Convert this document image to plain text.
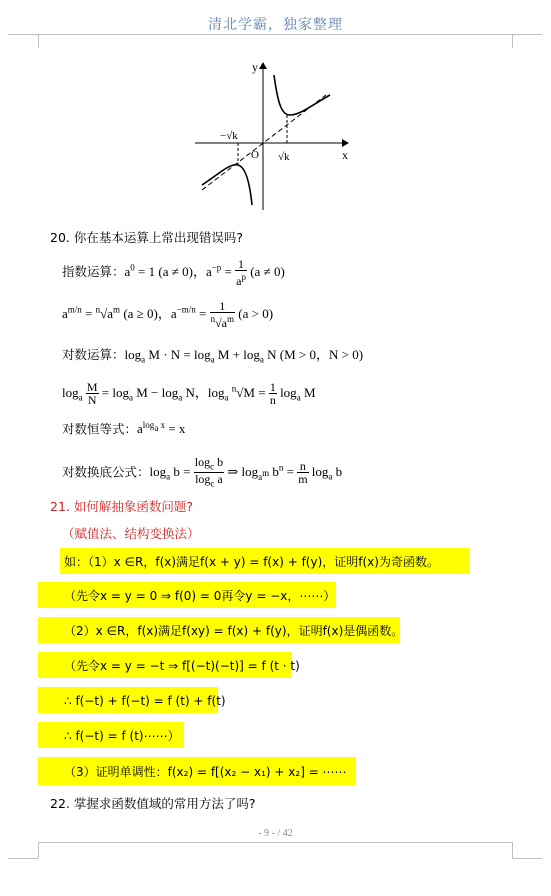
清北学霸，独家整理
y
x
O
−√k
√k
20. 你在基本运算上常出现错误吗?
指数运算：$a^0 = 1$ (a ≠ 0)，$a^{-p} = \frac{1}{a^p} (a \ne 0)$
$a^{m/n} = ^n√a^m$ (a ≥ 0)，$a^{-m/n} = \frac{1}{^n√a^m} (a > 0)$
对数运算：$\log_a M \cdot N = \log_a M + \log_a N$ (M > 0，N > 0)
$\log_a \frac{M}{N} = \log_a M - \log_a N$，$\log_a ^n√M = \frac{1}{n} \log_a M$
对数恒等式：$a^{log_a x} = x$
对数换底公式：$\log_a b = \frac{\log_c b}{\log_c a}$ ⇒ $\log_{a^m} b^n = \frac{n}{m} \log_a b$
21. 如何解抽象函数问题?
（赋值法、结构变换法）
如：（1）x ∈R，f(x)满足f(x + y) = f(x) + f(y)，证明f(x)为奇函数。
（先令x = y = 0 ⇒ f(0) = 0再令y = −x，⋯⋯）
（2）x ∈R，f(x)满足f(xy) = f(x) + f(y)，证明f(x)是偶函数。
（先令x = y = −t ⇒ f[(−t)(−t)] = f (t · t)
∴ f(−t) + f(−t) = f (t) + f(t)
∴ f(−t) = f (t)⋯⋯）
（3）证明单调性：f(x₂) = f[(x₂ − x₁) + x₂] = ⋯⋯
22. 掌握求函数值域的常用方法了吗?
- 9 - / 42
